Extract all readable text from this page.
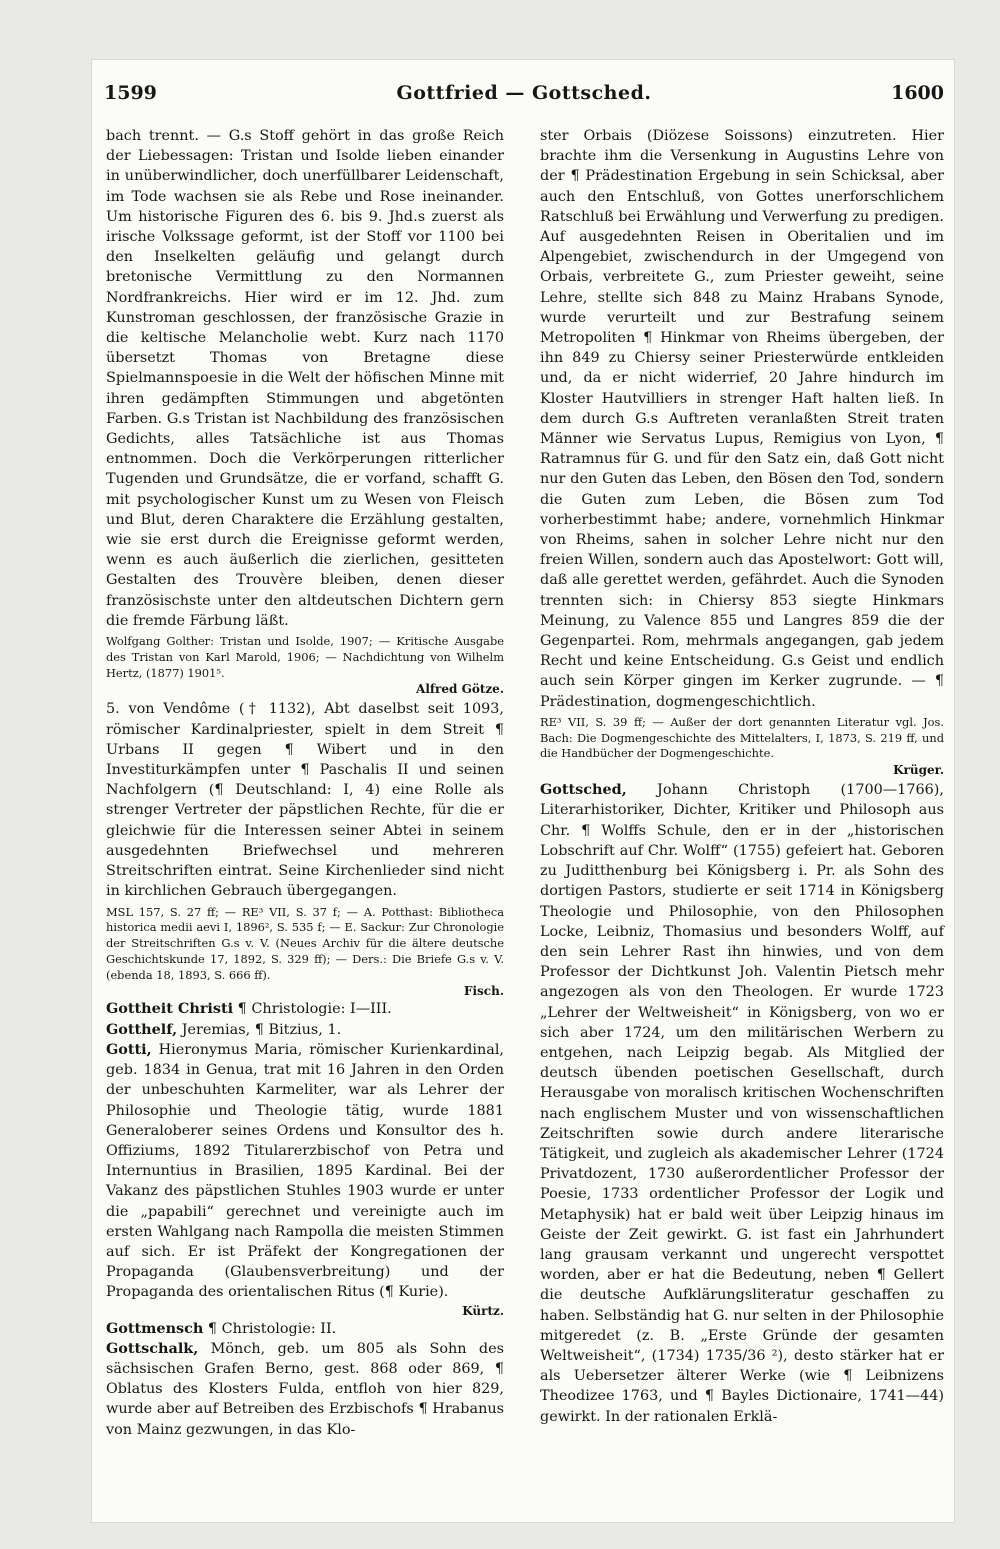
1599	Gottfried — Gottsched.	1600

bach trennt. — G.s Stoff gehört in das große Reich der Liebessagen: Tristan und Isolde lieben einander in unüberwindlicher, doch unerfüllbarer Leidenschaft, im Tode wachsen sie als Rebe und Rose ineinander. Um historische Figuren des 6. bis 9. Jhd.s zuerst als irische Volkssage geformt, ist der Stoff vor 1100 bei den Inselkelten geläufig und gelangt durch bretonische Vermittlung zu den Normannen Nordfrankreichs. Hier wird er im 12. Jhd. zum Kunstroman geschlossen, der französische Grazie in die keltische Melancholie webt. Kurz nach 1170 übersetzt Thomas von Bretagne diese Spielmannspoesie in die Welt der höfischen Minne mit ihren gedämpften Stimmungen und abgetönten Farben. G.s Tristan ist Nachbildung des französischen Gedichts, alles Tatsächliche ist aus Thomas entnommen. Doch die Verkörperungen ritterlicher Tugenden und Grundsätze, die er vorfand, schafft G. mit psychologischer Kunst um zu Wesen von Fleisch und Blut, deren Charaktere die Erzählung gestalten, wie sie erst durch die Ereignisse geformt werden, wenn es auch äußerlich die zierlichen, gesitteten Gestalten des Trouvère bleiben, denen dieser französischste unter den altdeutschen Dichtern gern die fremde Färbung läßt.

Wolfgang Golther: Tristan und Isolde, 1907; — Kritische Ausgabe des Tristan von Karl Marold, 1906; — Nachdichtung von Wilhelm Hertz, (1877) 1901⁵.

Alfred Götze.

5. von Vendôme († 1132), Abt daselbst seit 1093, römischer Kardinalpriester, spielt in dem Streit ¶ Urbans II gegen ¶ Wibert und in den Investiturkämpfen unter ¶ Paschalis II und seinen Nachfolgern (¶ Deutschland: I, 4) eine Rolle als strenger Vertreter der päpstlichen Rechte, für die er gleichwie für die Interessen seiner Abtei in seinem ausgedehnten Briefwechsel und mehreren Streitschriften eintrat. Seine Kirchenlieder sind nicht in kirchlichen Gebrauch übergegangen.

MSL 157, S. 27 ff; — RE³ VII, S. 37 f; — A. Potthast: Bibliotheca historica medii aevi I, 1896², S. 535 f; — E. Sackur: Zur Chronologie der Streitschriften G.s v. V. (Neues Archiv für die ältere deutsche Geschichtskunde 17, 1892, S. 329 ff); — Ders.: Die Briefe G.s v. V. (ebenda 18, 1893, S. 666 ff).

Fisch.

Gottheit Christi ¶ Christologie: I—III.

Gotthelf, Jeremias, ¶ Bitzius, 1.

Gotti, Hieronymus Maria, römischer Kurienkardinal, geb. 1834 in Genua, trat mit 16 Jahren in den Orden der unbeschuhten Karmeliter, war als Lehrer der Philosophie und Theologie tätig, wurde 1881 Generaloberer seines Ordens und Konsultor des h. Offiziums, 1892 Titularerzbischof von Petra und Internuntius in Brasilien, 1895 Kardinal. Bei der Vakanz des päpstlichen Stuhles 1903 wurde er unter die „papabili“ gerechnet und vereinigte auch im ersten Wahlgang nach Rampolla die meisten Stimmen auf sich. Er ist Präfekt der Kongregationen der Propaganda (Glaubensverbreitung) und der Propaganda des orientalischen Ritus (¶ Kurie).

Kürtz.

Gottmensch ¶ Christologie: II.

Gottschalk, Mönch, geb. um 805 als Sohn des sächsischen Grafen Berno, gest. 868 oder 869, ¶ Oblatus des Klosters Fulda, entfloh von hier 829, wurde aber auf Betreiben des Erzbischofs ¶ Hrabanus von Mainz gezwungen, in das Klo-

ster Orbais (Diözese Soissons) einzutreten. Hier brachte ihm die Versenkung in Augustins Lehre von der ¶ Prädestination Ergebung in sein Schicksal, aber auch den Entschluß, von Gottes unerforschlichem Ratschluß bei Erwählung und Verwerfung zu predigen. Auf ausgedehnten Reisen in Oberitalien und im Alpengebiet, zwischendurch in der Umgegend von Orbais, verbreitete G., zum Priester geweiht, seine Lehre, stellte sich 848 zu Mainz Hrabans Synode, wurde verurteilt und zur Bestrafung seinem Metropoliten ¶ Hinkmar von Rheims übergeben, der ihn 849 zu Chiersy seiner Priesterwürde entkleiden und, da er nicht widerrief, 20 Jahre hindurch im Kloster Hautvilliers in strenger Haft halten ließ. In dem durch G.s Auftreten veranlaßten Streit traten Männer wie Servatus Lupus, Remigius von Lyon, ¶ Ratramnus für G. und für den Satz ein, daß Gott nicht nur den Guten das Leben, den Bösen den Tod, sondern die Guten zum Leben, die Bösen zum Tod vorherbestimmt habe; andere, vornehmlich Hinkmar von Rheims, sahen in solcher Lehre nicht nur den freien Willen, sondern auch das Apostelwort: Gott will, daß alle gerettet werden, gefährdet. Auch die Synoden trennten sich: in Chiersy 853 siegte Hinkmars Meinung, zu Valence 855 und Langres 859 die der Gegenpartei. Rom, mehrmals angegangen, gab jedem Recht und keine Entscheidung. G.s Geist und endlich auch sein Körper gingen im Kerker zugrunde. — ¶ Prädestination, dogmengeschichtlich.

RE³ VII, S. 39 ff; — Außer der dort genannten Literatur vgl. Jos. Bach: Die Dogmengeschichte des Mittelalters, I, 1873, S. 219 ff, und die Handbücher der Dogmengeschichte.

Krüger.

Gottsched, Johann Christoph (1700—1766), Literarhistoriker, Dichter, Kritiker und Philosoph aus Chr. ¶ Wolffs Schule, den er in der „historischen Lobschrift auf Chr. Wolff“ (1755) gefeiert hat. Geboren zu Juditthenburg bei Königsberg i. Pr. als Sohn des dortigen Pastors, studierte er seit 1714 in Königsberg Theologie und Philosophie, von den Philosophen Locke, Leibniz, Thomasius und besonders Wolff, auf den sein Lehrer Rast ihn hinwies, und von dem Professor der Dichtkunst Joh. Valentin Pietsch mehr angezogen als von den Theologen. Er wurde 1723 „Lehrer der Weltweisheit“ in Königsberg, von wo er sich aber 1724, um den militärischen Werbern zu entgehen, nach Leipzig begab. Als Mitglied der deutsch übenden poetischen Gesellschaft, durch Herausgabe von moralisch kritischen Wochenschriften nach englischem Muster und von wissenschaftlichen Zeitschriften sowie durch andere literarische Tätigkeit, und zugleich als akademischer Lehrer (1724 Privatdozent, 1730 außerordentlicher Professor der Poesie, 1733 ordentlicher Professor der Logik und Metaphysik) hat er bald weit über Leipzig hinaus im Geiste der Zeit gewirkt. G. ist fast ein Jahrhundert lang grausam verkannt und ungerecht verspottet worden, aber er hat die Bedeutung, neben ¶ Gellert die deutsche Aufklärungsliteratur geschaffen zu haben. Selbständig hat G. nur selten in der Philosophie mitgeredet (z. B. „Erste Gründe der gesamten Weltweisheit“, (1734) 1735/36 ²), desto stärker hat er als Uebersetzer älterer Werke (wie ¶ Leibnizens Theodizee 1763, und ¶ Bayles Dictionaire, 1741—44) gewirkt. In der rationalen Erklä-
